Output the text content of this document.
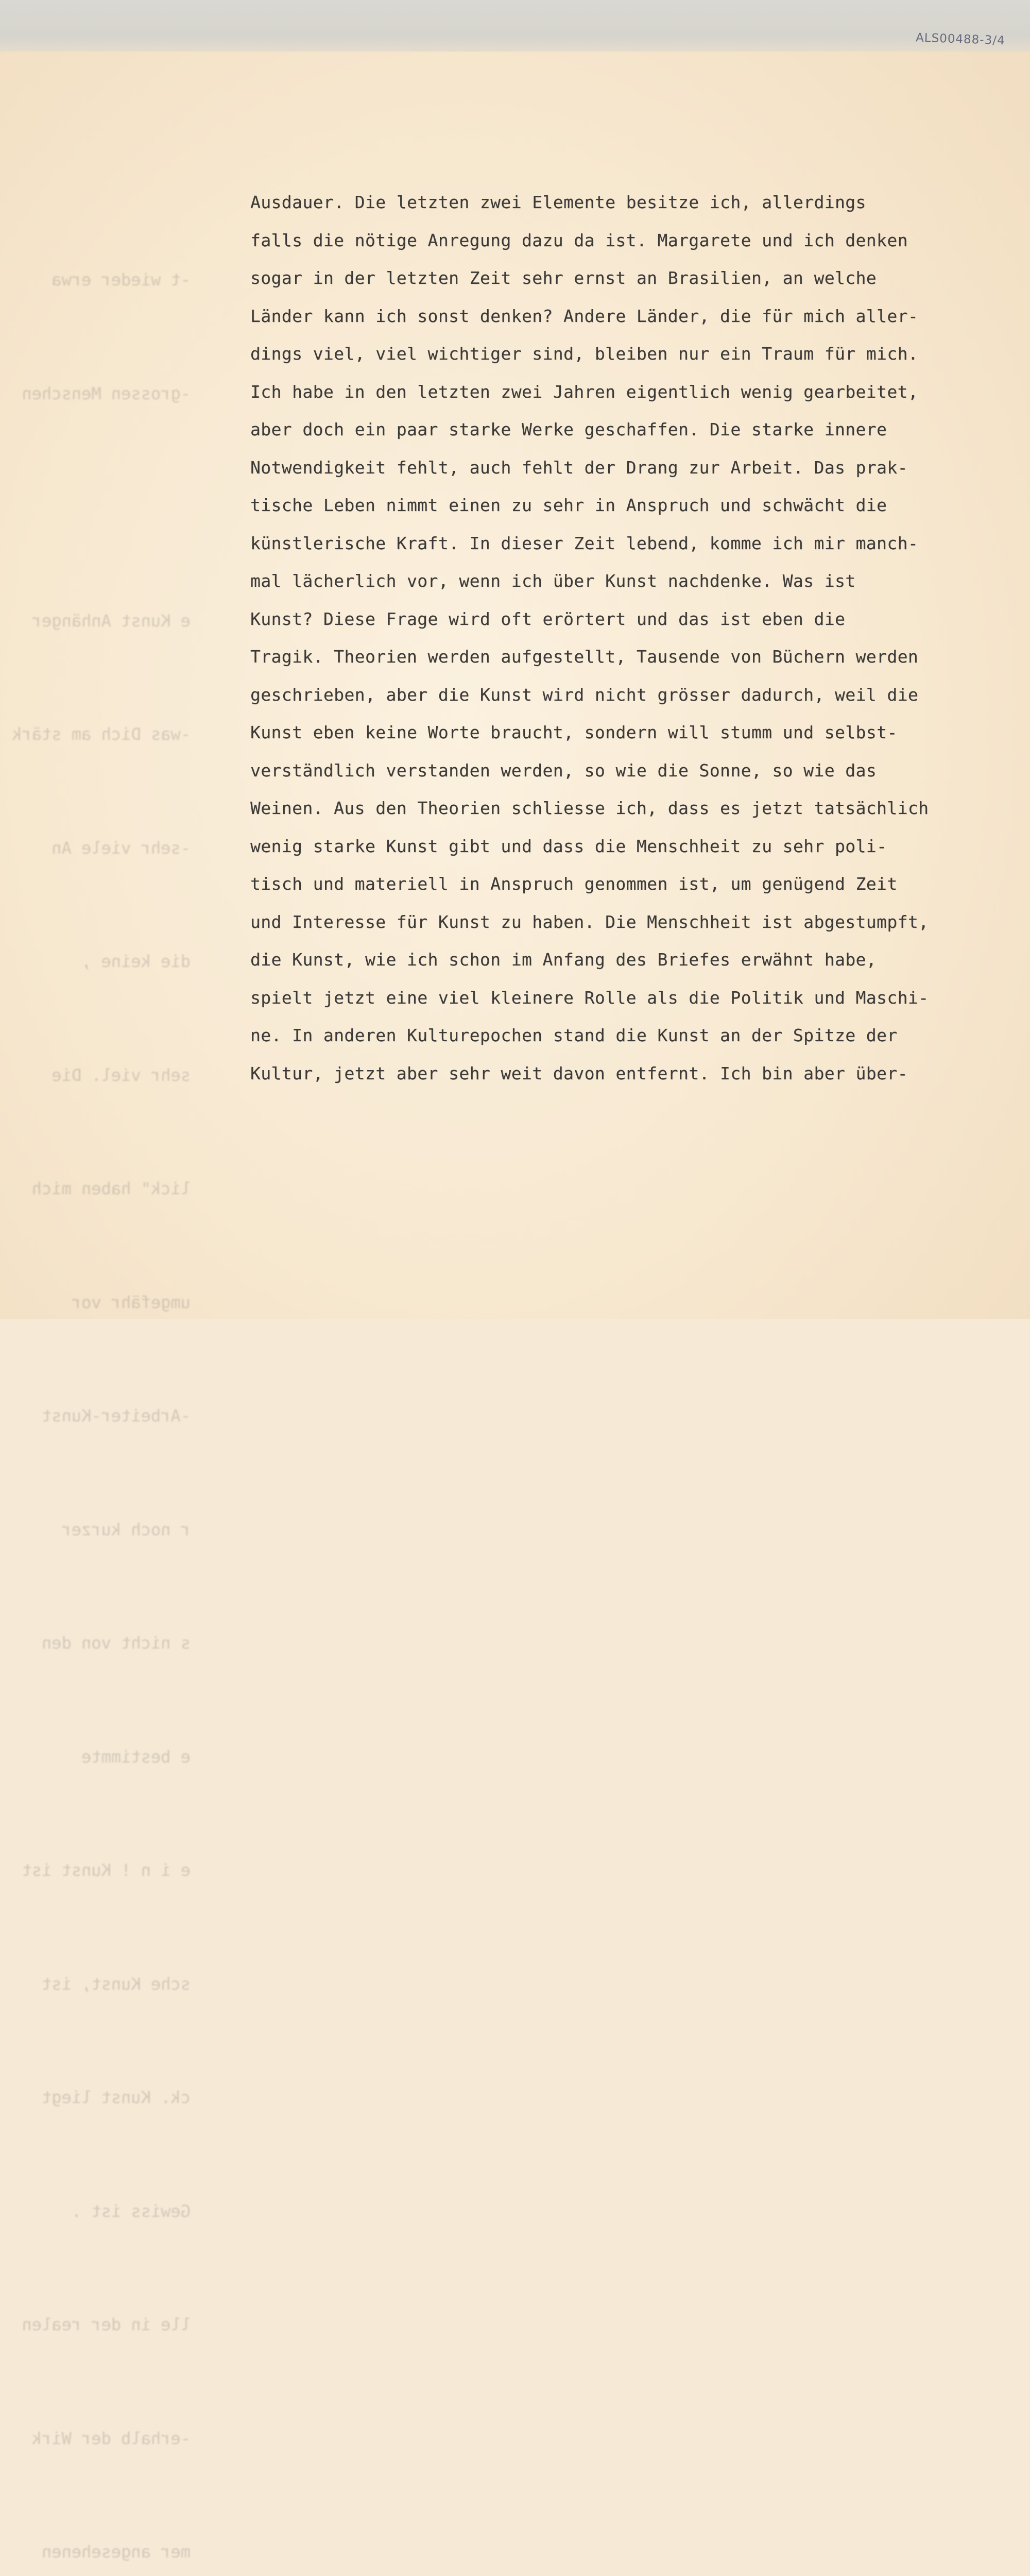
ALS00488-3/4

t wieder erwa-

grossen Menschen-

e Kunst Anhänger

was Dich am stärk-

sehr viele An-

, die keine

sehr viel. Die

lick" haben mich

umgefähr vor

Arbeiter-Kunst-

r noch kurzer

s nicht von den

e bestimmte

e i n ! Kunst ist

sche Kunst, ist

ck. Kunst liegt

. Gewiss ist

lle in der realen

erhalb der Wirk-

mer angesehenen

Ausdauer. Die letzten zwei Elemente besitze ich, allerdings
falls die nötige Anregung dazu da ist. Margarete und ich denken
sogar in der letzten Zeit sehr ernst an Brasilien, an welche
Länder kann ich sonst denken? Andere Länder, die für mich aller-
dings viel, viel wichtiger sind, bleiben nur ein Traum für mich.
Ich habe in den letzten zwei Jahren eigentlich wenig gearbeitet,
aber doch ein paar starke Werke geschaffen. Die starke innere
Notwendigkeit fehlt, auch fehlt der Drang zur Arbeit. Das prak-
tische Leben nimmt einen zu sehr in Anspruch und schwächt die
künstlerische Kraft. In dieser Zeit lebend, komme ich mir manch-
mal lächerlich vor, wenn ich über Kunst nachdenke. Was ist
Kunst? Diese Frage wird oft erörtert und das ist eben die
Tragik. Theorien werden aufgestellt, Tausende von Büchern werden
geschrieben, aber die Kunst wird nicht grösser dadurch, weil die
Kunst eben keine Worte braucht, sondern will stumm und selbst-
verständlich verstanden werden, so wie die Sonne, so wie das
Weinen. Aus den Theorien schliesse ich, dass es jetzt tatsächlich
wenig starke Kunst gibt und dass die Menschheit zu sehr poli-
tisch und materiell in Anspruch genommen ist, um genügend Zeit
und Interesse für Kunst zu haben. Die Menschheit ist abgestumpft,
die Kunst, wie ich schon im Anfang des Briefes erwähnt habe,
spielt jetzt eine viel kleinere Rolle als die Politik und Maschi-
ne. In anderen Kulturepochen stand die Kunst an der Spitze der
Kultur, jetzt aber sehr weit davon entfernt. Ich bin aber über-
